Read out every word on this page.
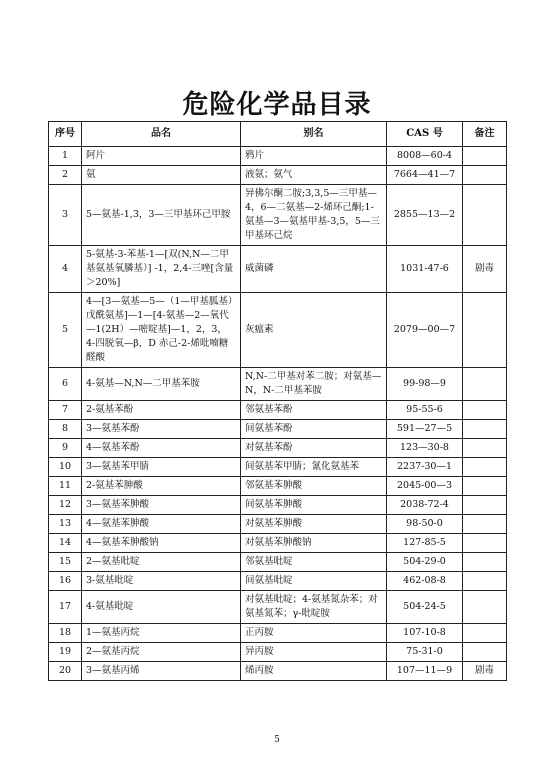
危险化学品目录
序号	品名	别名	CAS 号	备注
1	阿片	鸦片	8008—60-4	
2	氨	液氨；氨气	7664—41—7	
3	5—氨基-1,3，3—三甲基环己甲胺	异佛尔酮二胺;3,3,5—三甲基—4，6—二氨基—2-烯环己酮;1-氨基—3—氨基甲基-3,5，5—三甲基环己烷	2855—13—2	
4	5-氨基-3-苯基-1—[双(N,N—二甲基氨基氧膦基）] -1，2,4-三唑[含量＞20%]	威菌磷	1031-47-6	剧毒
5	4—[3—氨基—5—（1—甲基胍基）戊酰氨基]—1—[4-氨基—2—氧代—1(2H）—嘧啶基]—1，2，3，4-四脱氧—β，D 赤己-2-烯吡喃糖醛酸	灰瘟素	2079—00—7	
6	4-氨基—N,N—二甲基苯胺	N,N-二甲基对苯二胺；对氨基—N，N-二甲基苯胺	99-98—9	
7	2-氨基苯酚	邻氨基苯酚	95-55-6	
8	3—氨基苯酚	间氨基苯酚	591—27—5	
9	4—氨基苯酚	对氨基苯酚	123—30-8	
10	3—氨基苯甲腈	间氨基苯甲腈；氰化氨基苯	2237-30—1	
11	2-氨基苯胂酸	邻氨基苯胂酸	2045-00—3	
12	3—氨基苯胂酸	间氨基苯胂酸	2038-72-4	
13	4—氨基苯胂酸	对氨基苯胂酸	98-50-0	
14	4—氨基苯胂酸钠	对氨基苯胂酸钠	127-85-5	
15	2—氨基吡啶	邻氨基吡啶	504-29-0	
16	3-氨基吡啶	间氨基吡啶	462-08-8	
17	4-氨基吡啶	对氨基吡啶；4-氨基氮杂苯；对氨基氮苯；γ-吡啶胺	504-24-5	
18	1—氨基丙烷	正丙胺	107-10-8	
19	2—氨基丙烷	异丙胺	75-31-0	
20	3—氨基丙烯	烯丙胺	107—11—9	剧毒
5
